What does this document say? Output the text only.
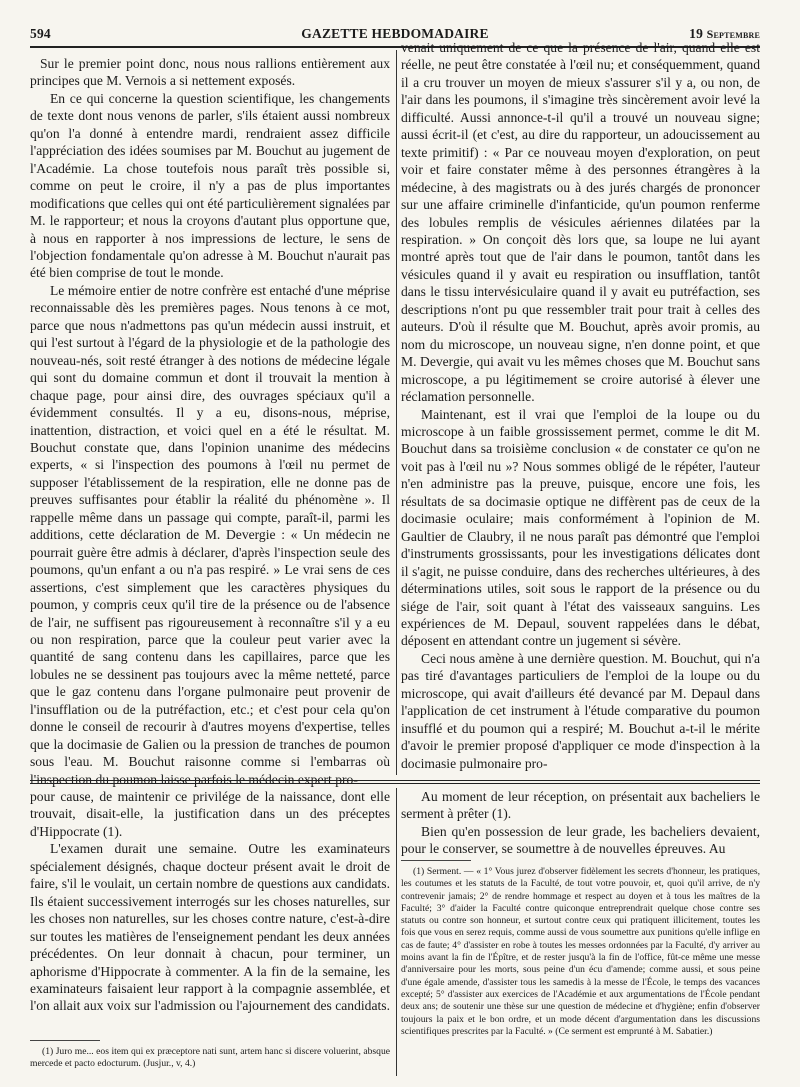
594	GAZETTE HEBDOMADAIRE	19 Septembre

Sur le premier point donc, nous nous rallions entièrement aux principes que M. Vernois a si nettement exposés.

En ce qui concerne la question scientifique, les changements de texte dont nous venons de parler, s'ils étaient aussi nombreux qu'on l'a donné à entendre mardi, rendraient assez difficile l'appréciation des idées soumises par M. Bouchut au jugement de l'Académie. La chose toutefois nous paraît très possible si, comme on peut le croire, il n'y a pas de plus importantes modifications que celles qui ont été particulièrement signalées par M. le rapporteur; et nous la croyons d'autant plus opportune que, à nous en rapporter à nos impressions de lecture, le sens de l'objection fondamentale qu'on adresse à M. Bouchut n'aurait pas été bien comprise de tout le monde.

Le mémoire entier de notre confrère est entaché d'une méprise reconnaissable dès les premières pages. Nous tenons à ce mot, parce que nous n'admettons pas qu'un médecin aussi instruit, et qui l'est surtout à l'égard de la physiologie et de la pathologie des nouveau-nés, soit resté étranger à des notions de médecine légale qui sont du domaine commun et dont il trouvait la mention à chaque page, pour ainsi dire, des ouvrages spéciaux qu'il a évidemment consultés. Il y a eu, disons-nous, méprise, inattention, distraction, et voici quel en a été le résultat. M. Bouchut constate que, dans l'opinion unanime des médecins experts, « si l'inspection des poumons à l'œil nu permet de supposer l'établissement de la respiration, elle ne donne pas de preuves suffisantes pour établir la réalité du phénomène ». Il rappelle même dans un passage qui compte, paraît-il, parmi les additions, cette déclaration de M. Devergie : « Un médecin ne pourrait guère être admis à déclarer, d'après l'inspection seule des poumons, qu'un enfant a ou n'a pas respiré. » Le vrai sens de ces assertions, c'est simplement que les caractères physiques du poumon, y compris ceux qu'il tire de la présence ou de l'absence de l'air, ne suffisent pas rigoureusement à reconnaître s'il y a eu ou non respiration, parce que la couleur peut varier avec la quantité de sang contenu dans les capillaires, parce que les lobules ne se dessinent pas toujours avec la même netteté, parce que le gaz contenu dans l'organe pulmonaire peut provenir de l'insufflation ou de la putréfaction, etc.; et c'est pour cela qu'on donne le conseil de recourir à d'autres moyens d'expertise, telles que la docimasie de Galien ou la pression de tranches de poumon sous l'eau. M. Bouchut raisonne comme si l'embarras où

venait uniquement de ce que la présence de l'air, quand elle est réelle, ne peut être constatée à l'œil nu; et conséquemment, quand il a cru trouver un moyen de mieux s'assurer s'il y a, ou non, de l'air dans les poumons, il s'imagine très sincèrement avoir levé la difficulté. Aussi annonce-t-il qu'il a trouvé un nouveau signe; aussi écrit-il (et c'est, au dire du rapporteur, un adoucissement au texte primitif) : « Par ce nouveau moyen d'exploration, on peut voir et faire constater même à des personnes étrangères à la médecine, à des magistrats ou à des jurés chargés de prononcer sur une affaire criminelle d'infanticide, qu'un poumon renferme des lobules remplis de vésicules aériennes dilatées par la respiration. » On conçoit dès lors que, sa loupe ne lui ayant montré après tout que de l'air dans le poumon, tantôt dans les vésicules quand il y avait eu respiration ou insufflation, tantôt dans le tissu intervésiculaire quand il y avait eu putréfaction, ses descriptions n'ont pu que ressembler trait pour trait à celles des auteurs. D'où il résulte que M. Bouchut, après avoir promis, au nom du microscope, un nouveau signe, n'en donne point, et que M. Devergie, qui avait vu les mêmes choses que M. Bouchut sans microscope, a pu légitimement se croire autorisé à élever une réclamation personnelle.

Maintenant, est il vrai que l'emploi de la loupe ou du microscope à un faible grossissement permet, comme le dit M. Bouchut dans sa troisième conclusion « de constater ce qu'on ne voit pas à l'œil nu »? Nous sommes obligé de le répéter, l'auteur n'en administre pas la preuve, puisque, encore une fois, les résultats de sa docimasie optique ne diffèrent pas de ceux de la docimasie oculaire; mais conformément à l'opinion de M. Gaultier de Claubry, il ne nous paraît pas démontré que l'emploi d'instruments grossissants, pour les investigations délicates dont il s'agit, ne puisse conduire, dans des recherches ultérieures, à des déterminations utiles, soit sous le rapport de la présence ou du siége de l'air, soit quant à l'état des vaisseaux sanguins. Les expériences de M. Depaul, souvent rappelées dans le débat, déposent en attendant contre un jugement si sévère.

Ceci nous amène à une dernière question. M. Bouchut, qui n'a pas tiré d'avantages particuliers de l'emploi de la loupe ou du microscope, qui avait d'ailleurs été devancé par M. Depaul dans l'application de cet instrument à l'étude comparative du poumon insufflé et du poumon qui a respiré; M. Bouchut a-t-il le mérite d'avoir le premier proposé d'appliquer ce mode d'inspection à la docimasie pulmonaire pro-

pour cause, de maintenir ce privilége de la naissance, dont elle trouvait, disait-elle, la justification dans un des préceptes d'Hippocrate (1).

L'examen durait une semaine. Outre les examinateurs spécialement désignés, chaque docteur présent avait le droit de faire, s'il le voulait, un certain nombre de questions aux candidats. Ils étaient successivement interrogés sur les choses naturelles, sur les choses non naturelles, sur les choses contre nature, c'est-à-dire sur toutes les matières de l'enseignement pendant les deux années précédentes. On leur donnait à chacun, pour terminer, un aphorisme d'Hippocrate à commenter. A la fin de la semaine, les examinateurs faisaient leur rapport à la compagnie assemblée, et l'on allait aux voix sur l'admission ou l'ajournement des candidats.

(1) Juro me... eos item qui ex præceptore nati sunt, artem hanc si discere voluerint, absque mercede et pacto edocturum. (Jusjur., v, 4.)

Au moment de leur réception, on présentait aux bacheliers le serment à prêter (1).

Bien qu'en possession de leur grade, les bacheliers devaient, pour le conserver, se soumettre à de nouvelles épreuves. Au

(1) Serment. — « 1° Vous jurez d'observer fidèlement les secrets d'honneur, les pratiques, les coutumes et les statuts de la Faculté, de tout votre pouvoir, et, quoi qu'il arrive, de n'y contrevenir jamais; 2° de rendre hommage et respect au doyen et à tous les maîtres de la Faculté; 3° d'aider la Faculté contre quiconque entreprendrait quelque chose contre ses statuts ou contre son honneur, et surtout contre ceux qui pratiquent illicitement, toutes les fois que vous en serez requis, comme aussi de vous soumettre aux punitions qu'elle inflige en cas de faute; 4° d'assister en robe à toutes les messes ordonnées par la Faculté, d'y arriver au moins avant la fin de l'Épître, et de rester jusqu'à la fin de l'office, fût-ce même une messe d'anniversaire pour les morts, sous peine d'un écu d'amende; comme aussi, et sous peine d'une égale amende, d'assister tous les samedis à la messe de l'École, le temps des vacances excepté; 5° d'assister aux exercices de l'Académie et aux argumentations de l'École pendant deux ans; de soutenir une thèse sur une question de médecine et d'hygiène; enfin d'observer toujours la paix et le bon ordre, et un mode décent d'argumentation dans les discussions scientifiques prescrites par la Faculté. » (Ce serment est emprunté à M. Sabatier.)
